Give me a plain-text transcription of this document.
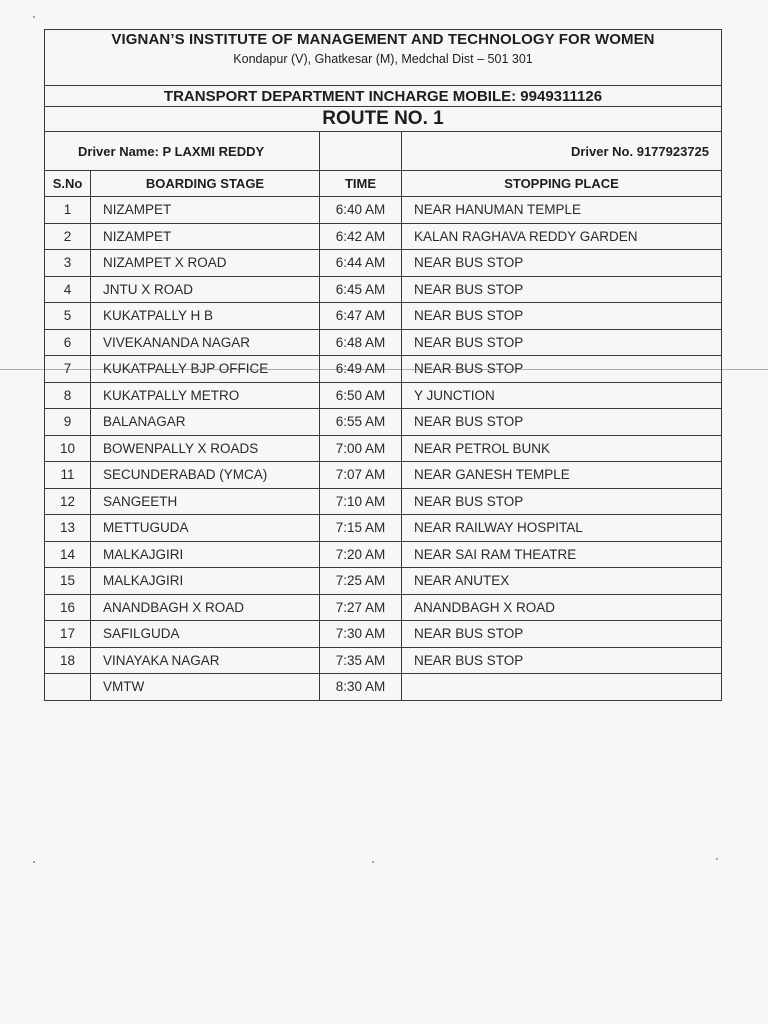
VIGNAN’S INSTITUTE OF MANAGEMENT AND TECHNOLOGY FOR WOMEN
Kondapur (V), Ghatkesar (M), Medchal Dist – 501 301			

TRANSPORT DEPARTMENT INCHARGE MOBILE: 9949311126			
ROUTE NO. 1			
Driver Name: P LAXMI REDDY			Driver No. 9177923725
S.No	BOARDING STAGE	TIME	STOPPING PLACE
1	NIZAMPET	6:40 AM	NEAR HANUMAN TEMPLE
2	NIZAMPET	6:42 AM	KALAN RAGHAVA REDDY GARDEN
3	NIZAMPET X ROAD	6:44 AM	NEAR BUS STOP
4	JNTU X ROAD	6:45 AM	NEAR BUS STOP
5	KUKATPALLY H B	6:47 AM	NEAR BUS STOP
6	VIVEKANANDA NAGAR	6:48 AM	NEAR BUS STOP
7	KUKATPALLY BJP OFFICE	6:49 AM	NEAR BUS STOP
8	KUKATPALLY METRO	6:50 AM	Y JUNCTION
9	BALANAGAR	6:55 AM	NEAR BUS STOP
10	BOWENPALLY X ROADS	7:00 AM	NEAR PETROL BUNK
11	SECUNDERABAD (YMCA)	7:07 AM	NEAR GANESH TEMPLE
12	SANGEETH	7:10 AM	NEAR BUS STOP
13	METTUGUDA	7:15 AM	NEAR RAILWAY HOSPITAL
14	MALKAJGIRI	7:20 AM	NEAR SAI RAM THEATRE
15	MALKAJGIRI	7:25 AM	NEAR ANUTEX
16	ANANDBAGH X ROAD	7:27 AM	ANANDBAGH X ROAD
17	SAFILGUDA	7:30 AM	NEAR BUS STOP
18	VINAYAKA NAGAR	7:35 AM	NEAR BUS STOP
	VMTW	8:30 AM	
